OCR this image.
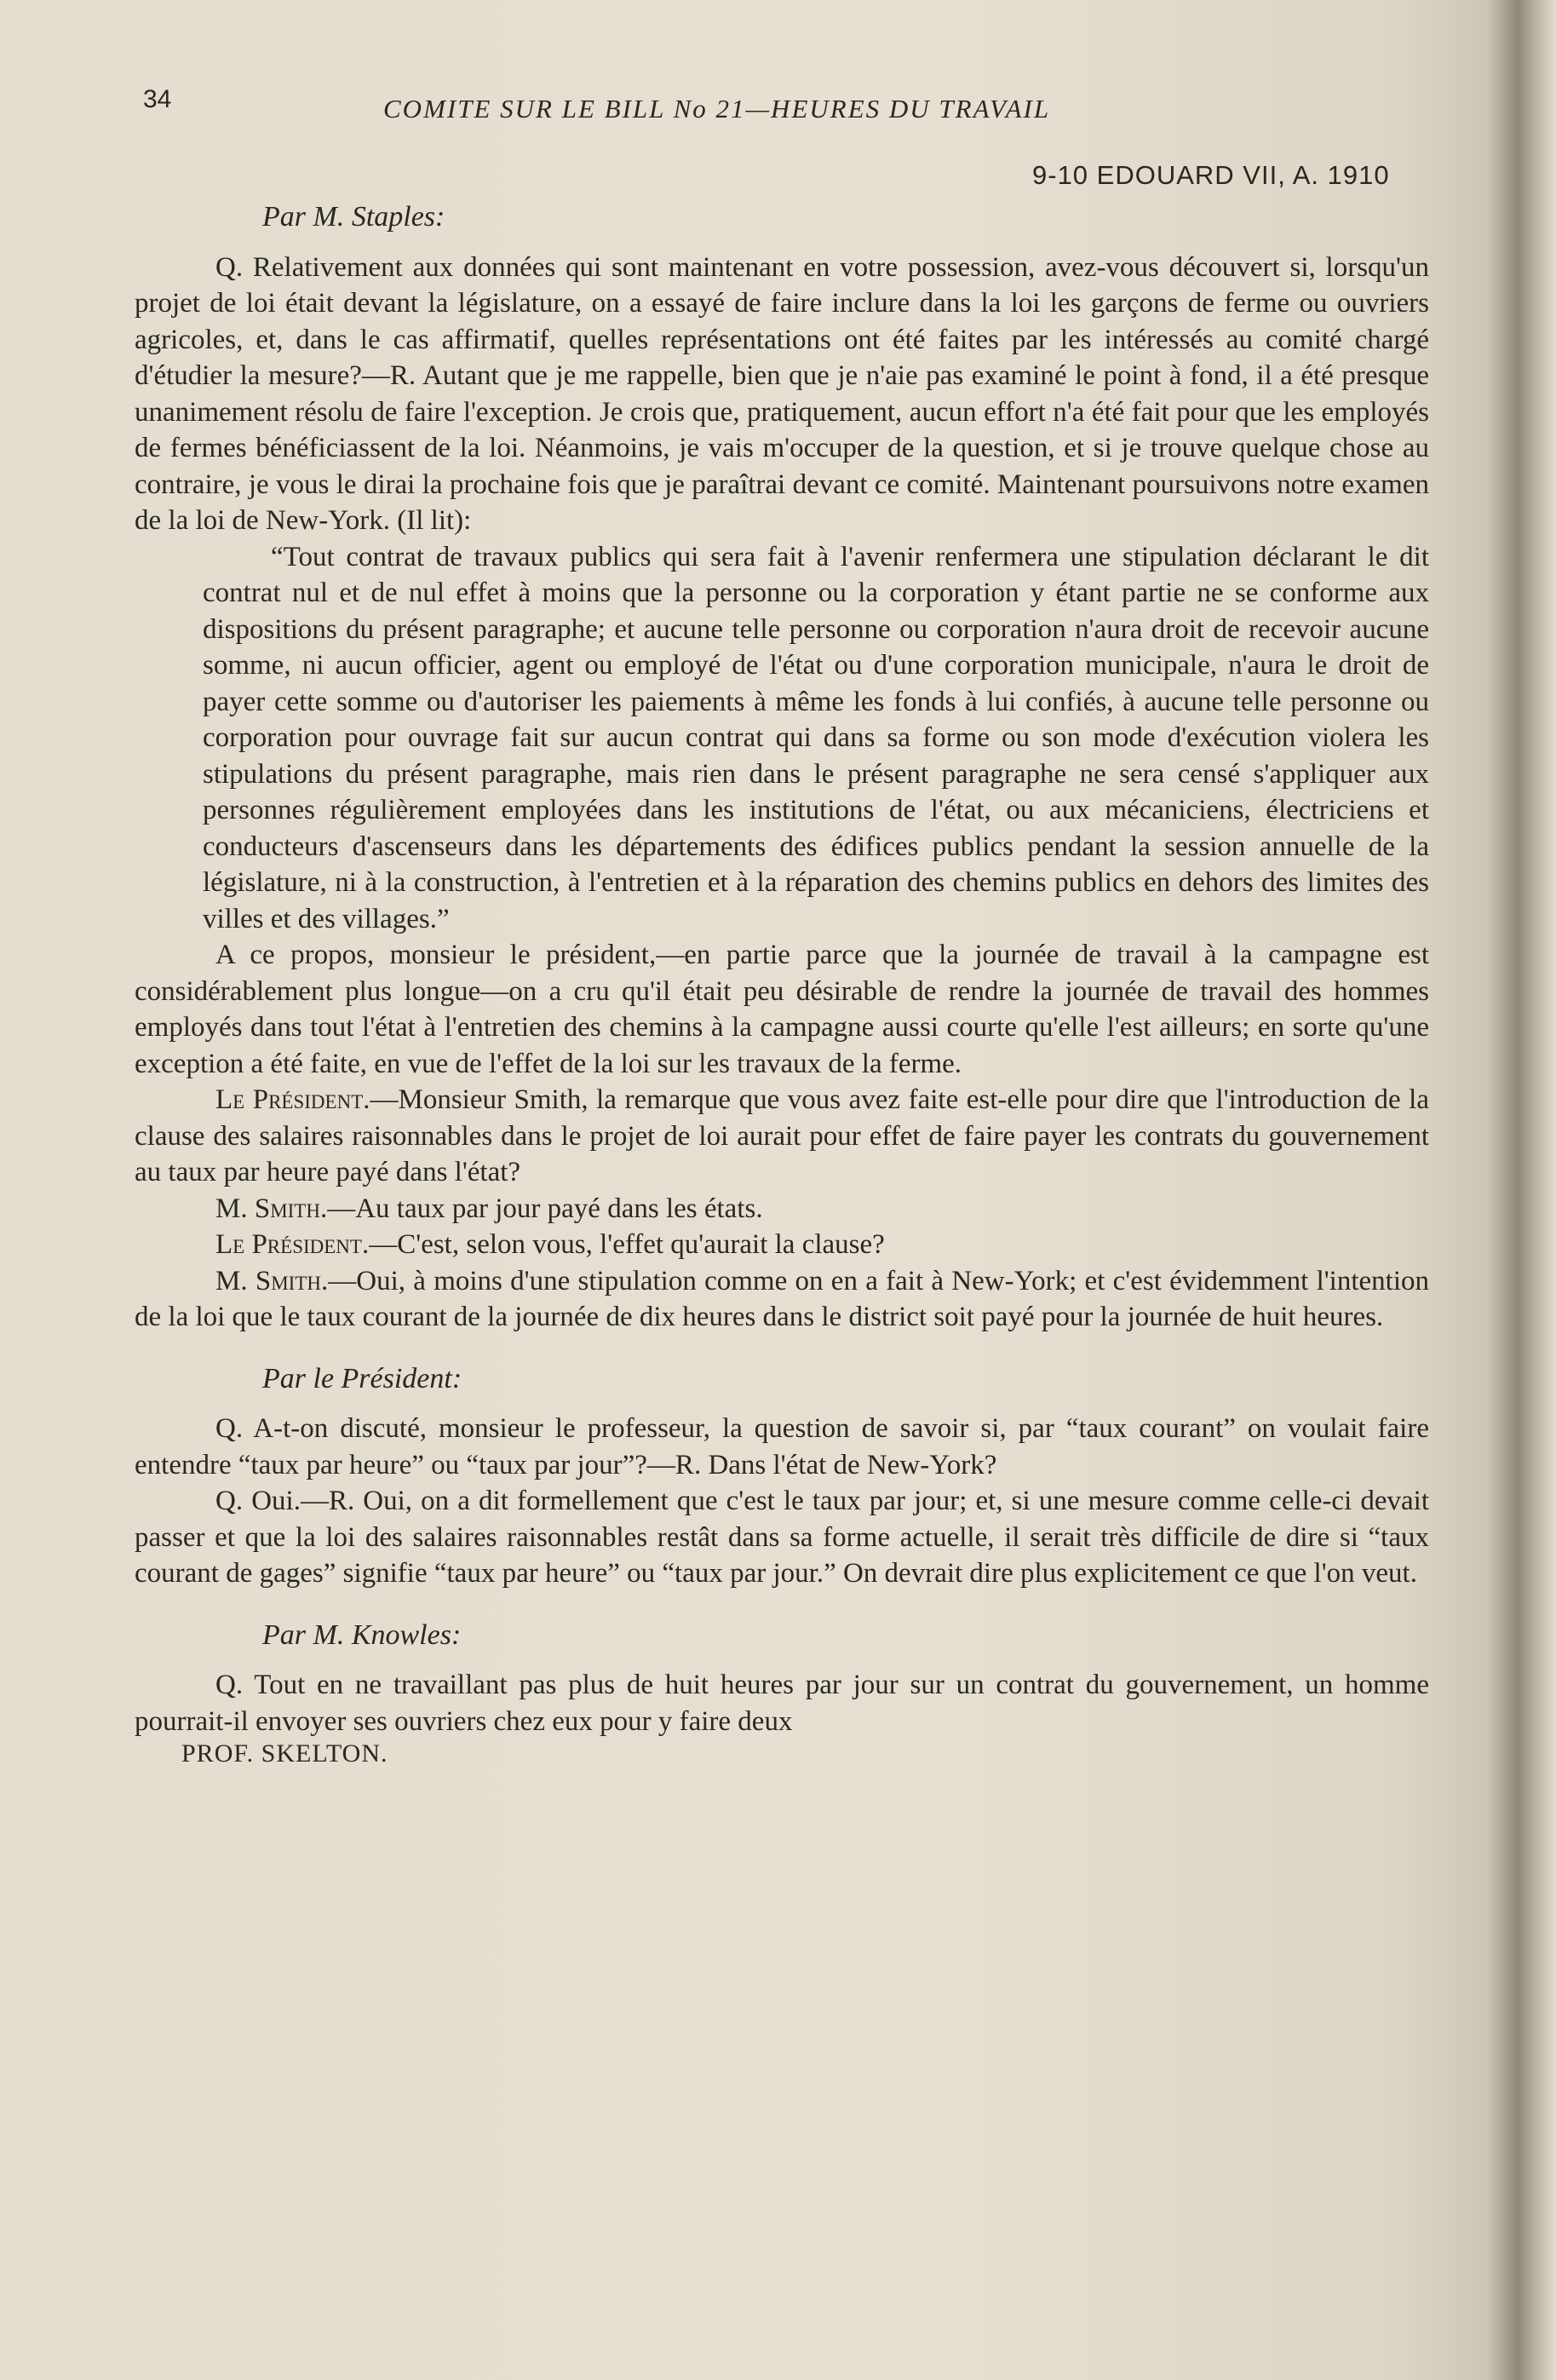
34	COMITE SUR LE BILL No 21—HEURES DU TRAVAIL
9-10 EDOUARD VII, A. 1910
Par M. Staples:

Q. Relativement aux données qui sont maintenant en votre possession, avez-vous découvert si, lorsqu'un projet de loi était devant la législature, on a essayé de faire inclure dans la loi les garçons de ferme ou ouvriers agricoles, et, dans le cas affirmatif, quelles représentations ont été faites par les intéressés au comité chargé d'étudier la mesure?—R. Autant que je me rappelle, bien que je n'aie pas examiné le point à fond, il a été presque unanimement résolu de faire l'exception. Je crois que, pratiquement, aucun effort n'a été fait pour que les employés de fermes bénéficiassent de la loi. Néanmoins, je vais m'occuper de la question, et si je trouve quelque chose au contraire, je vous le dirai la prochaine fois que je paraîtrai devant ce comité. Maintenant poursuivons notre examen de la loi de New-York. (Il lit):

“Tout contrat de travaux publics qui sera fait à l'avenir renfermera une stipulation déclarant le dit contrat nul et de nul effet à moins que la personne ou la corporation y étant partie ne se conforme aux dispositions du présent paragraphe; et aucune telle personne ou corporation n'aura droit de recevoir aucune somme, ni aucun officier, agent ou employé de l'état ou d'une corporation municipale, n'aura le droit de payer cette somme ou d'autoriser les paiements à même les fonds à lui confiés, à aucune telle personne ou corporation pour ouvrage fait sur aucun contrat qui dans sa forme ou son mode d'exécution violera les stipulations du présent paragraphe, mais rien dans le présent paragraphe ne sera censé s'appliquer aux personnes régulièrement employées dans les institutions de l'état, ou aux mécaniciens, électriciens et conducteurs d'ascenseurs dans les départements des édifices publics pendant la session annuelle de la législature, ni à la construction, à l'entretien et à la réparation des chemins publics en dehors des limites des villes et des villages.”

A ce propos, monsieur le président,—en partie parce que la journée de travail à la campagne est considérablement plus longue—on a cru qu'il était peu désirable de rendre la journée de travail des hommes employés dans tout l'état à l'entretien des chemins à la campagne aussi courte qu'elle l'est ailleurs; en sorte qu'une exception a été faite, en vue de l'effet de la loi sur les travaux de la ferme.

Le Président.—Monsieur Smith, la remarque que vous avez faite est-elle pour dire que l'introduction de la clause des salaires raisonnables dans le projet de loi aurait pour effet de faire payer les contrats du gouvernement au taux par heure payé dans l'état?

M. Smith.—Au taux par jour payé dans les états.

Le Président.—C'est, selon vous, l'effet qu'aurait la clause?

M. Smith.—Oui, à moins d'une stipulation comme on en a fait à New-York; et c'est évidemment l'intention de la loi que le taux courant de la journée de dix heures dans le district soit payé pour la journée de huit heures.

Par le Président:

Q. A-t-on discuté, monsieur le professeur, la question de savoir si, par “taux courant” on voulait faire entendre “taux par heure” ou “taux par jour”?—R. Dans l'état de New-York?

Q. Oui.—R. Oui, on a dit formellement que c'est le taux par jour; et, si une mesure comme celle-ci devait passer et que la loi des salaires raisonnables restât dans sa forme actuelle, il serait très difficile de dire si “taux courant de gages” signifie “taux par heure” ou “taux par jour.” On devrait dire plus explicitement ce que l'on veut.

Par M. Knowles:

Q. Tout en ne travaillant pas plus de huit heures par jour sur un contrat du gouvernement, un homme pourrait-il envoyer ses ouvriers chez eux pour y faire deux

PROF. SKELTON.
